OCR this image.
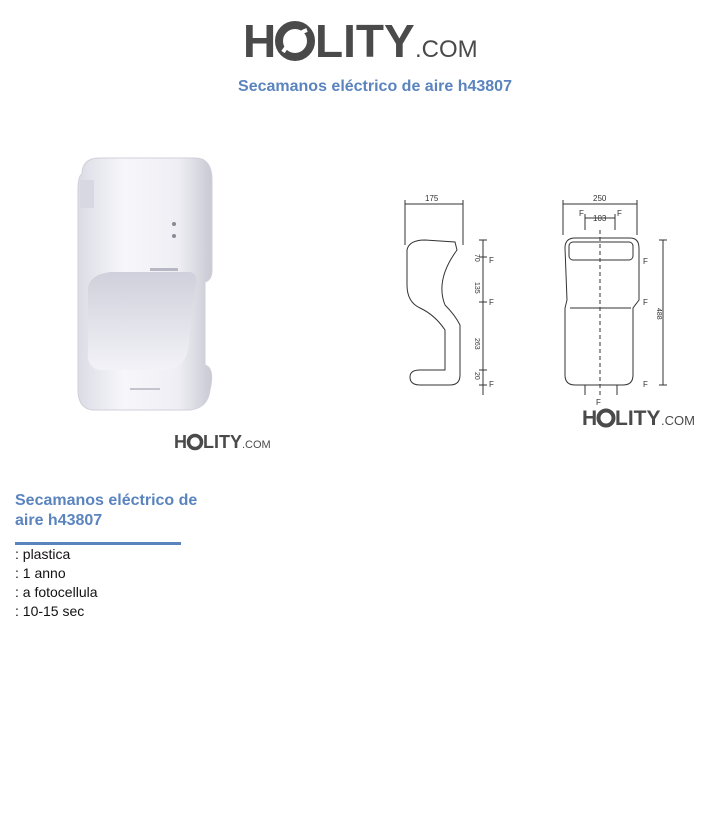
H LITY .COM
Secamanos eléctrico de aire h43807
H LITY .COM
175
70
135
263
20
F
F
F
250
103
F	F
488
F
F
F
F
H LITY .COM
Secamanos eléctrico de aire h43807
: plastica
: 1 anno
: a fotocellula
: 10-15 sec
